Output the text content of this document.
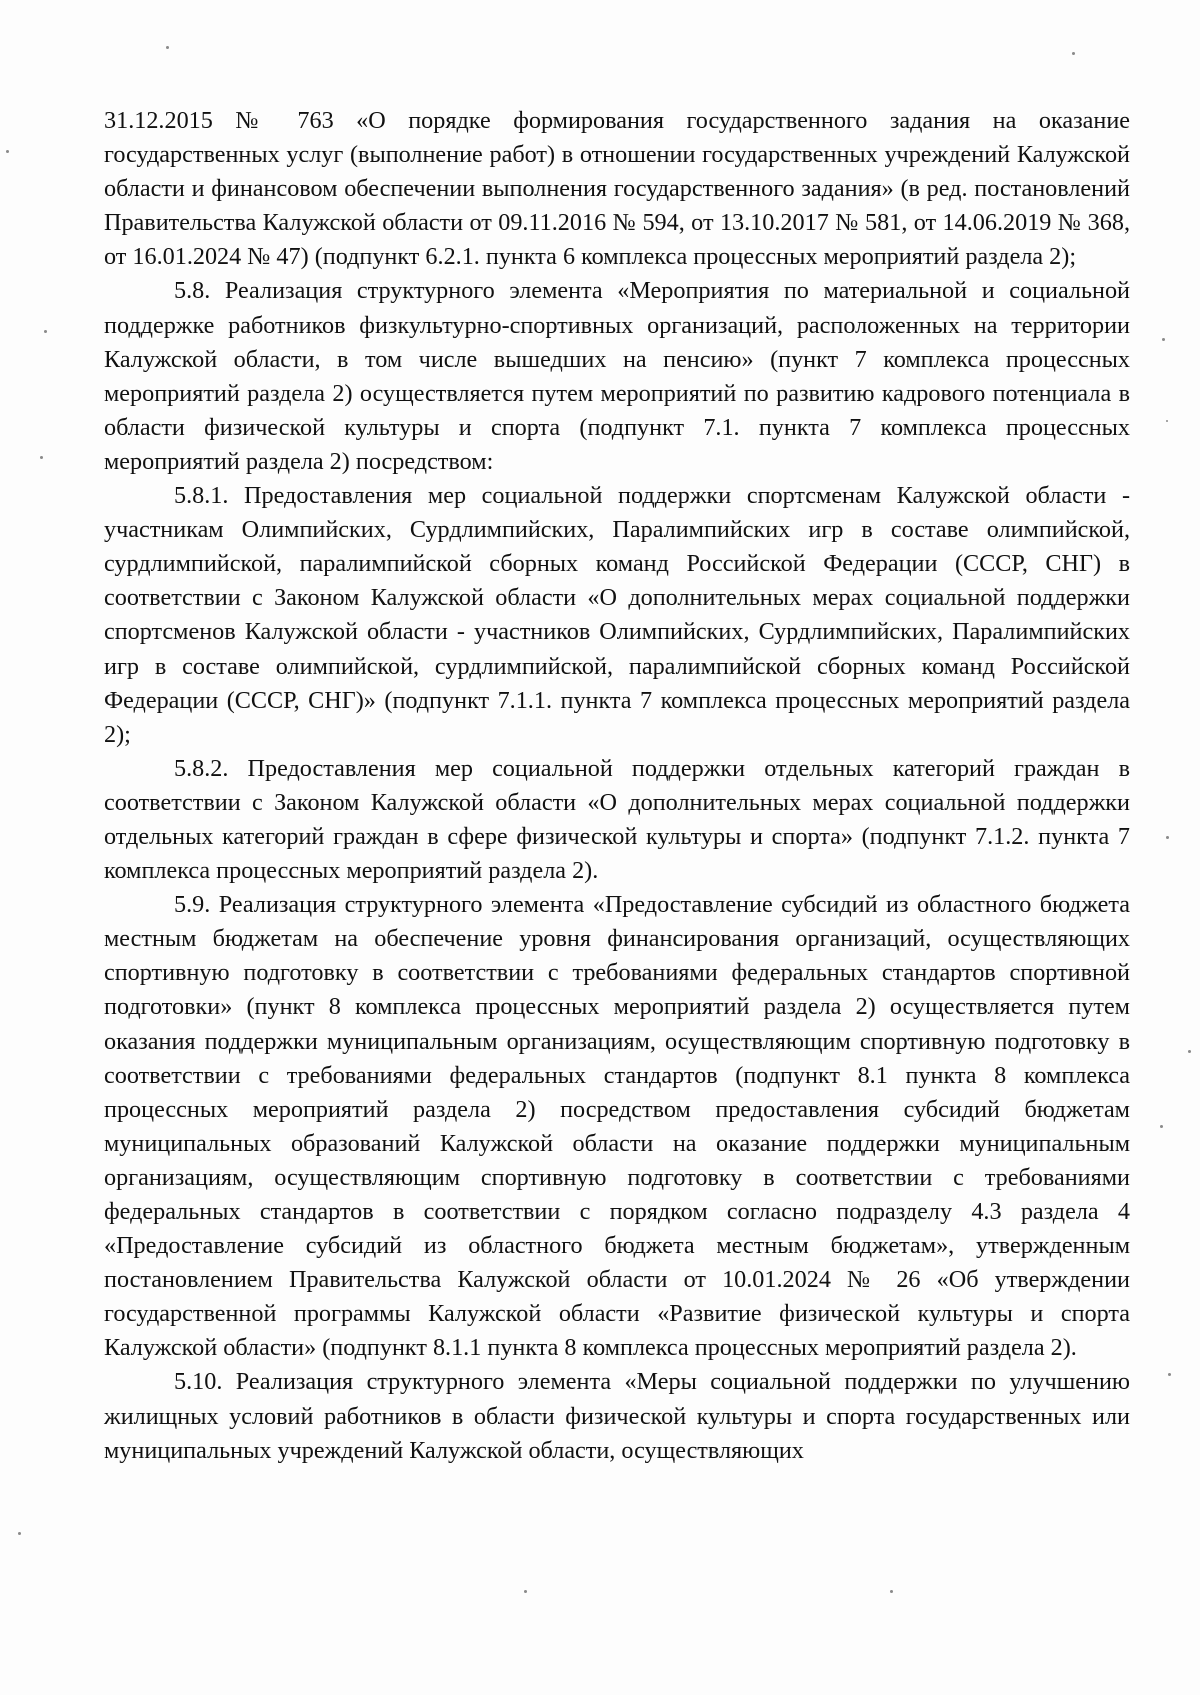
31.12.2015 № 763 «О порядке формирования государственного задания на оказание государственных услуг (выполнение работ) в отношении государственных учреждений Калужской области и финансовом обеспечении выполнения государственного задания» (в ред. постановлений Правительства Калужской области от 09.11.2016 № 594, от 13.10.2017 № 581, от 14.06.2019 № 368, от 16.01.2024 № 47) (подпункт 6.2.1. пункта 6 комплекса процессных мероприятий раздела 2);

5.8. Реализация структурного элемента «Мероприятия по материальной и социальной поддержке работников физкультурно-спортивных организаций, расположенных на территории Калужской области, в том числе вышедших на пенсию» (пункт 7 комплекса процессных мероприятий раздела 2) осуществляется путем мероприятий по развитию кадрового потенциала в области физической культуры и спорта (подпункт 7.1. пункта 7 комплекса процессных мероприятий раздела 2) посредством:

5.8.1. Предоставления мер социальной поддержки спортсменам Калужской области - участникам Олимпийских, Сурдлимпийских, Паралимпийских игр в составе олимпийской, сурдлимпийской, паралимпийской сборных команд Российской Федерации (СССР, СНГ) в соответствии с Законом Калужской области «О дополнительных мерах социальной поддержки спортсменов Калужской области - участников Олимпийских, Сурдлимпийских, Паралимпийских игр в составе олимпийской, сурдлимпийской, паралимпийской сборных команд Российской Федерации (СССР, СНГ)» (подпункт 7.1.1. пункта 7 комплекса процессных мероприятий раздела 2);

5.8.2. Предоставления мер социальной поддержки отдельных категорий граждан в соответствии с Законом Калужской области «О дополнительных мерах социальной поддержки отдельных категорий граждан в сфере физической культуры и спорта» (подпункт 7.1.2. пункта 7 комплекса процессных мероприятий раздела 2).

5.9. Реализация структурного элемента «Предоставление субсидий из областного бюджета местным бюджетам на обеспечение уровня финансирования организаций, осуществляющих спортивную подготовку в соответствии с требованиями федеральных стандартов спортивной подготовки» (пункт 8 комплекса процессных мероприятий раздела 2) осуществляется путем оказания поддержки муниципальным организациям, осуществляющим спортивную подготовку в соответствии с требованиями федеральных стандартов (подпункт 8.1 пункта 8 комплекса процессных мероприятий раздела 2) посредством предоставления субсидий бюджетам муниципальных образований Калужской области на оказание поддержки муниципальным организациям, осуществляющим спортивную подготовку в соответствии с требованиями федеральных стандартов в соответствии с порядком согласно подразделу 4.3 раздела 4 «Предоставление субсидий из областного бюджета местным бюджетам», утвержденным постановлением Правительства Калужской области от 10.01.2024 № 26 «Об утверждении государственной программы Калужской области «Развитие физической культуры и спорта Калужской области» (подпункт 8.1.1 пункта 8 комплекса процессных мероприятий раздела 2).

5.10. Реализация структурного элемента «Меры социальной поддержки по улучшению жилищных условий работников в области физической культуры и спорта государственных или муниципальных учреждений Калужской области, осуществляющих
